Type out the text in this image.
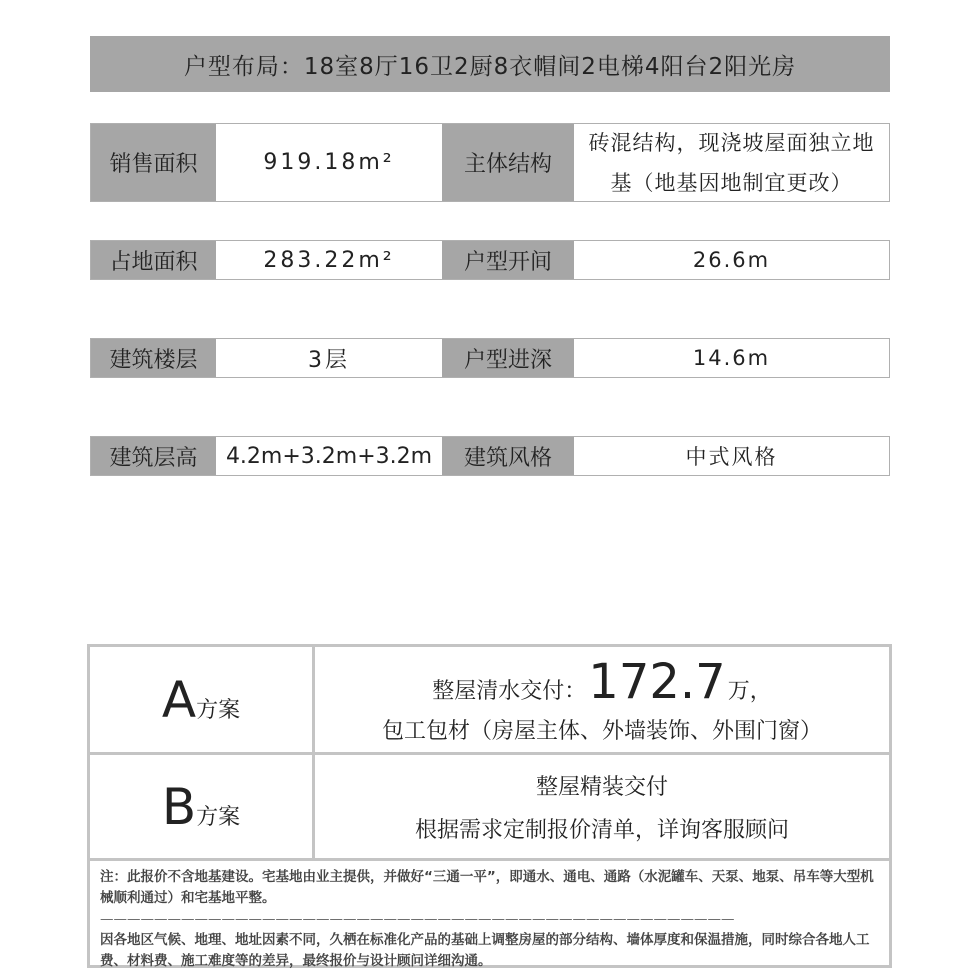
户型布局：18室8厅16卫2厨8衣帽间2电梯4阳台2阳光房
销售面积	919.18m²	主体结构
砖混结构，现浇坡屋面独立地基（地基因地制宜更改）
占地面积	283.22m²	户型开间	26.6m
建筑楼层	3层	户型进深	14.6m
建筑层高	4.2m+3.2m+3.2m	建筑风格	中式风格
A 方案
整屋清水交付： 172.7 万，
包工包材（房屋主体、外墙装饰、外围门窗）
B 方案
整屋精装交付
根据需求定制报价清单，详询客服顾问
注：此报价不含地基建设。宅基地由业主提供，并做好“三通一平”，即通水、通电、通路（水泥罐车、天泵、地泵、吊车等大型机械顺利通过）和宅基地平整。
———————————————————————————————————————————————
因各地区气候、地理、地址因素不同，久栖在标准化产品的基础上调整房屋的部分结构、墙体厚度和保温措施，同时综合各地人工费、材料费、施工难度等的差异，最终报价与设计顾问详细沟通。
